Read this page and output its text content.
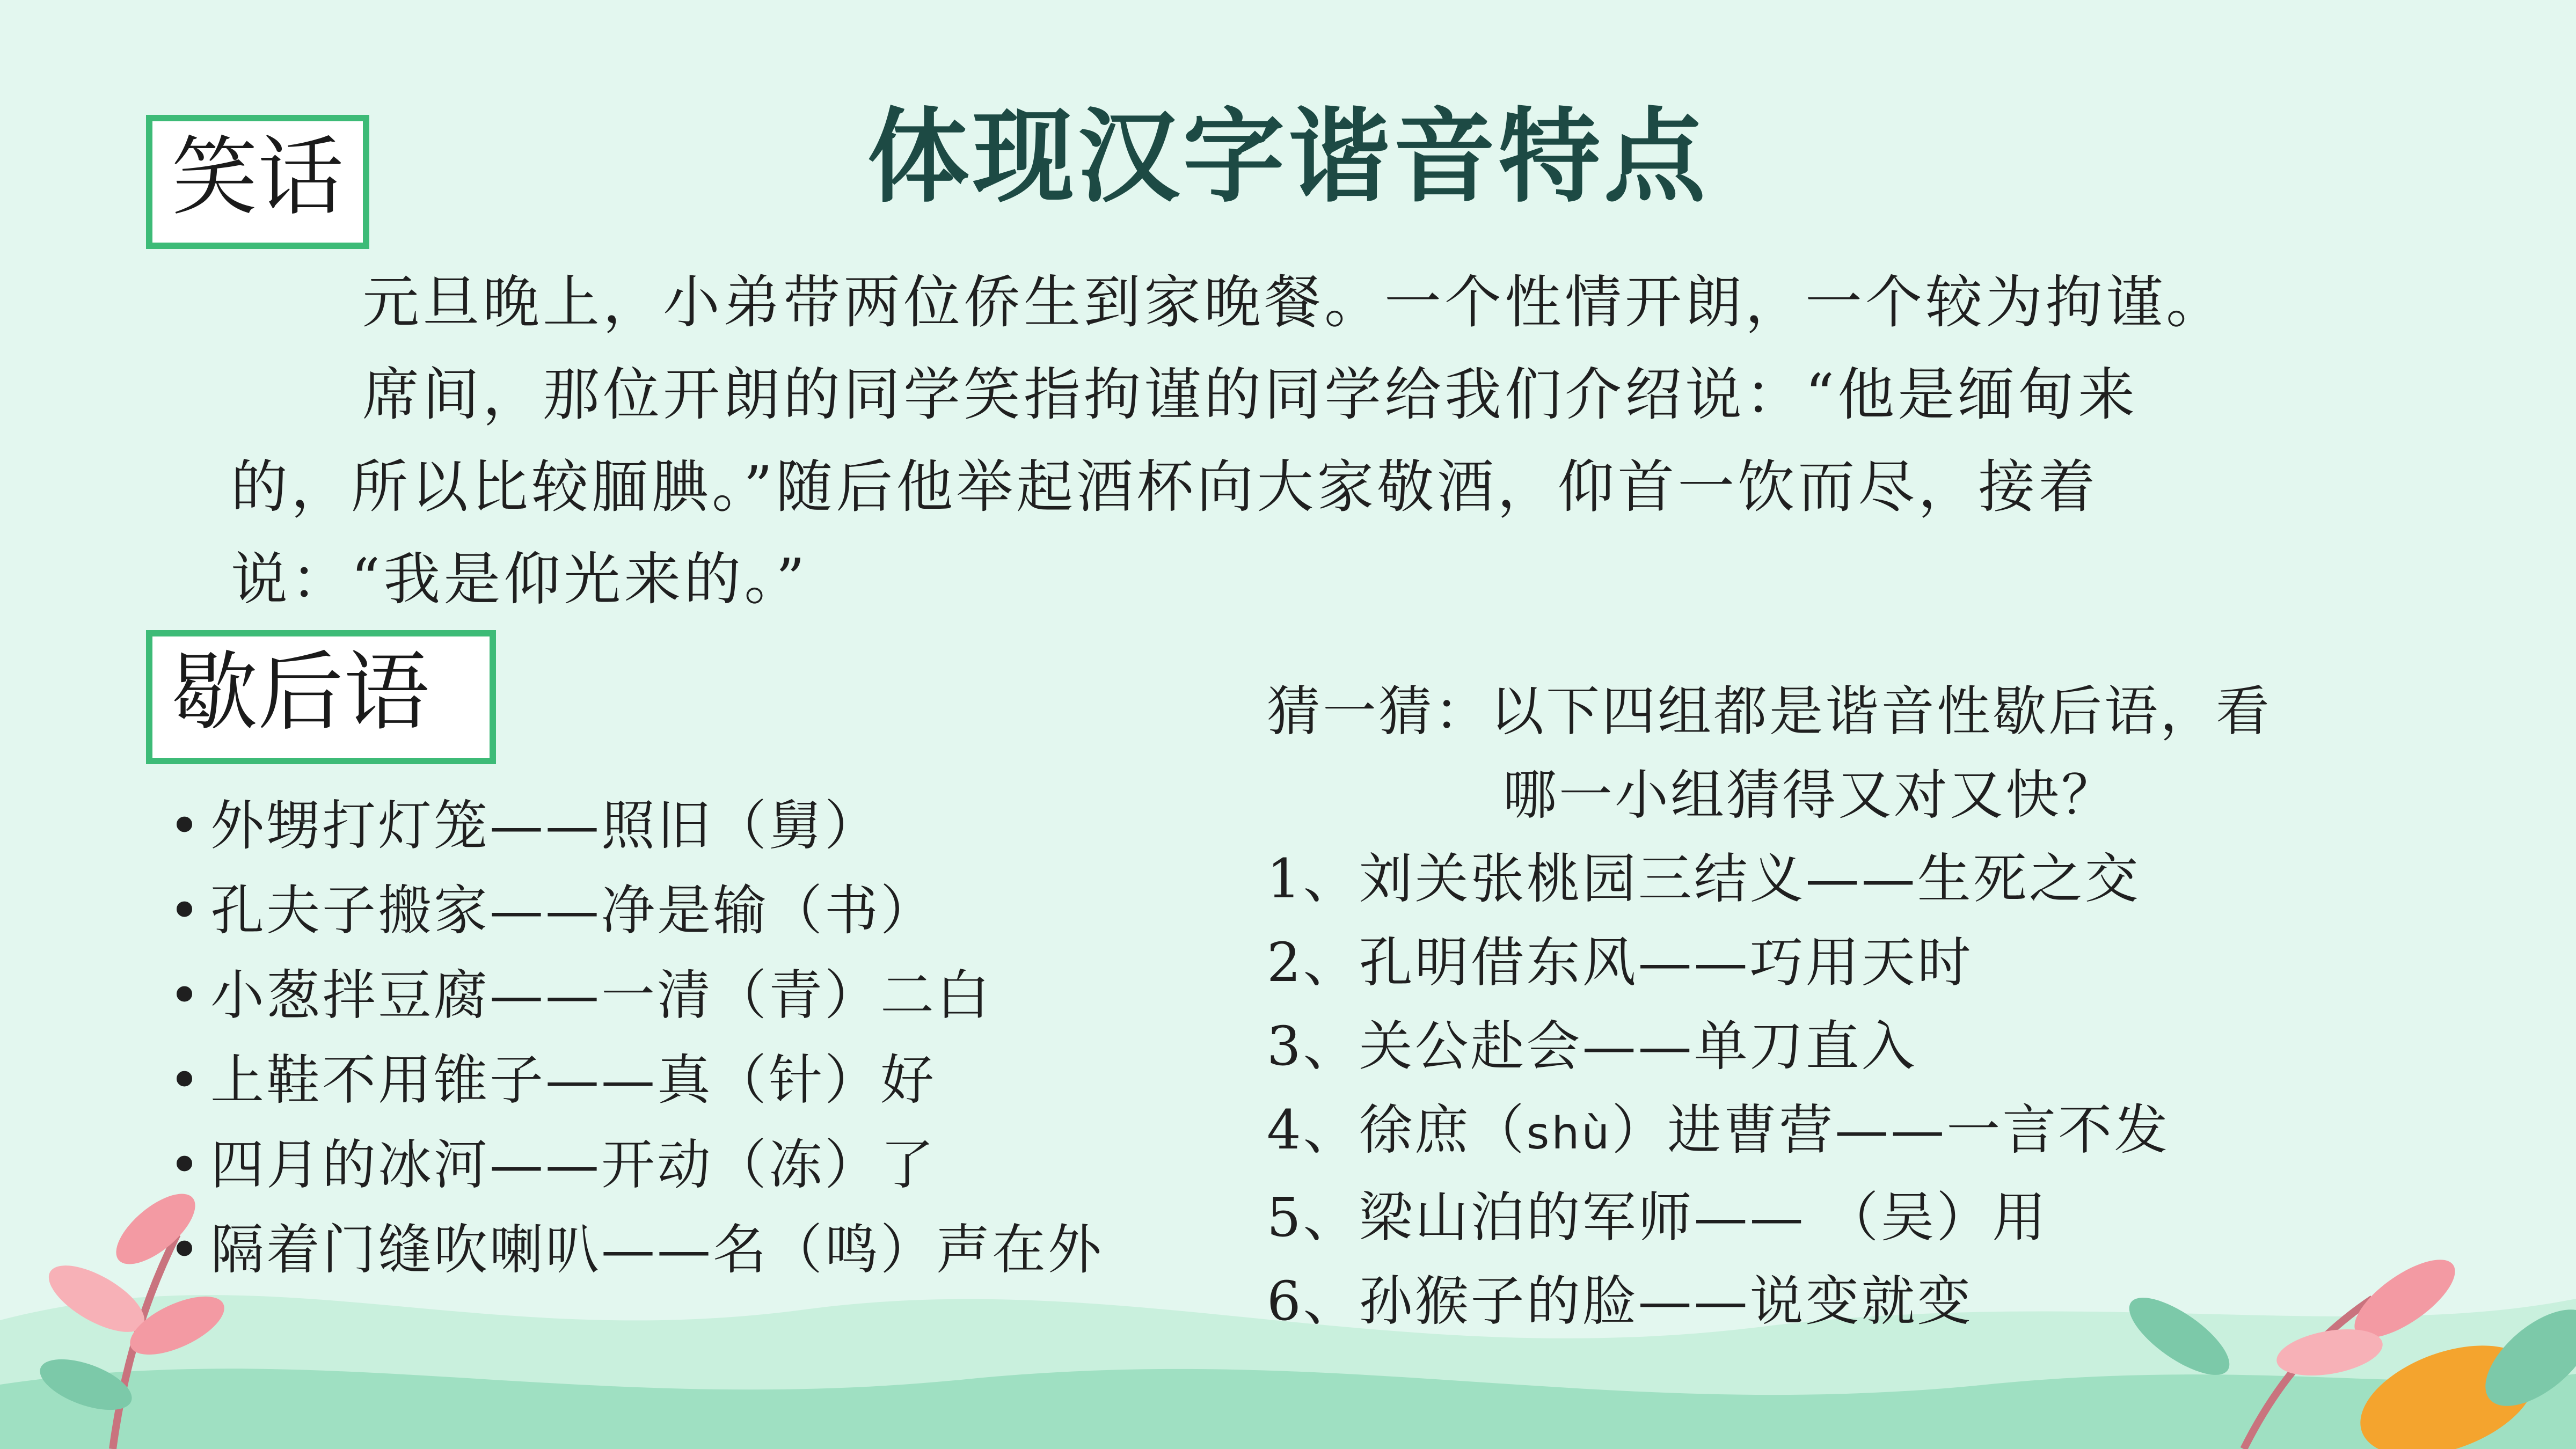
体现汉字谐音特点
笑话

元旦晚上，小弟带两位侨生到家晚餐。一个性情开朗，一个较为拘谨。

席间，那位开朗的同学笑指拘谨的同学给我们介绍说：“他是缅甸来

的，所以比较腼腆。”随后他举起酒杯向大家敬酒，仰首一饮而尽，接着

说：“我是仰光来的。”

歇后语
• 外甥打灯笼——照旧（舅）
• 孔夫子搬家——净是输（书）
• 小葱拌豆腐——一清（青）二白
• 上鞋不用锥子——真（针）好
• 四月的冰河——开动（冻）了
• 隔着门缝吹喇叭——名（鸣）声在外

猜一猜：以下四组都是谐音性歇后语，看

哪一小组猜得又对又快？

1、刘关张桃园三结义——生死之交
2、孔明借东风——巧用天时
3、关公赴会——单刀直入
4、徐庶（shù）进曹营——一言不发
5、梁山泊的军师—— （吴）用
6、孙猴子的脸——说变就变
